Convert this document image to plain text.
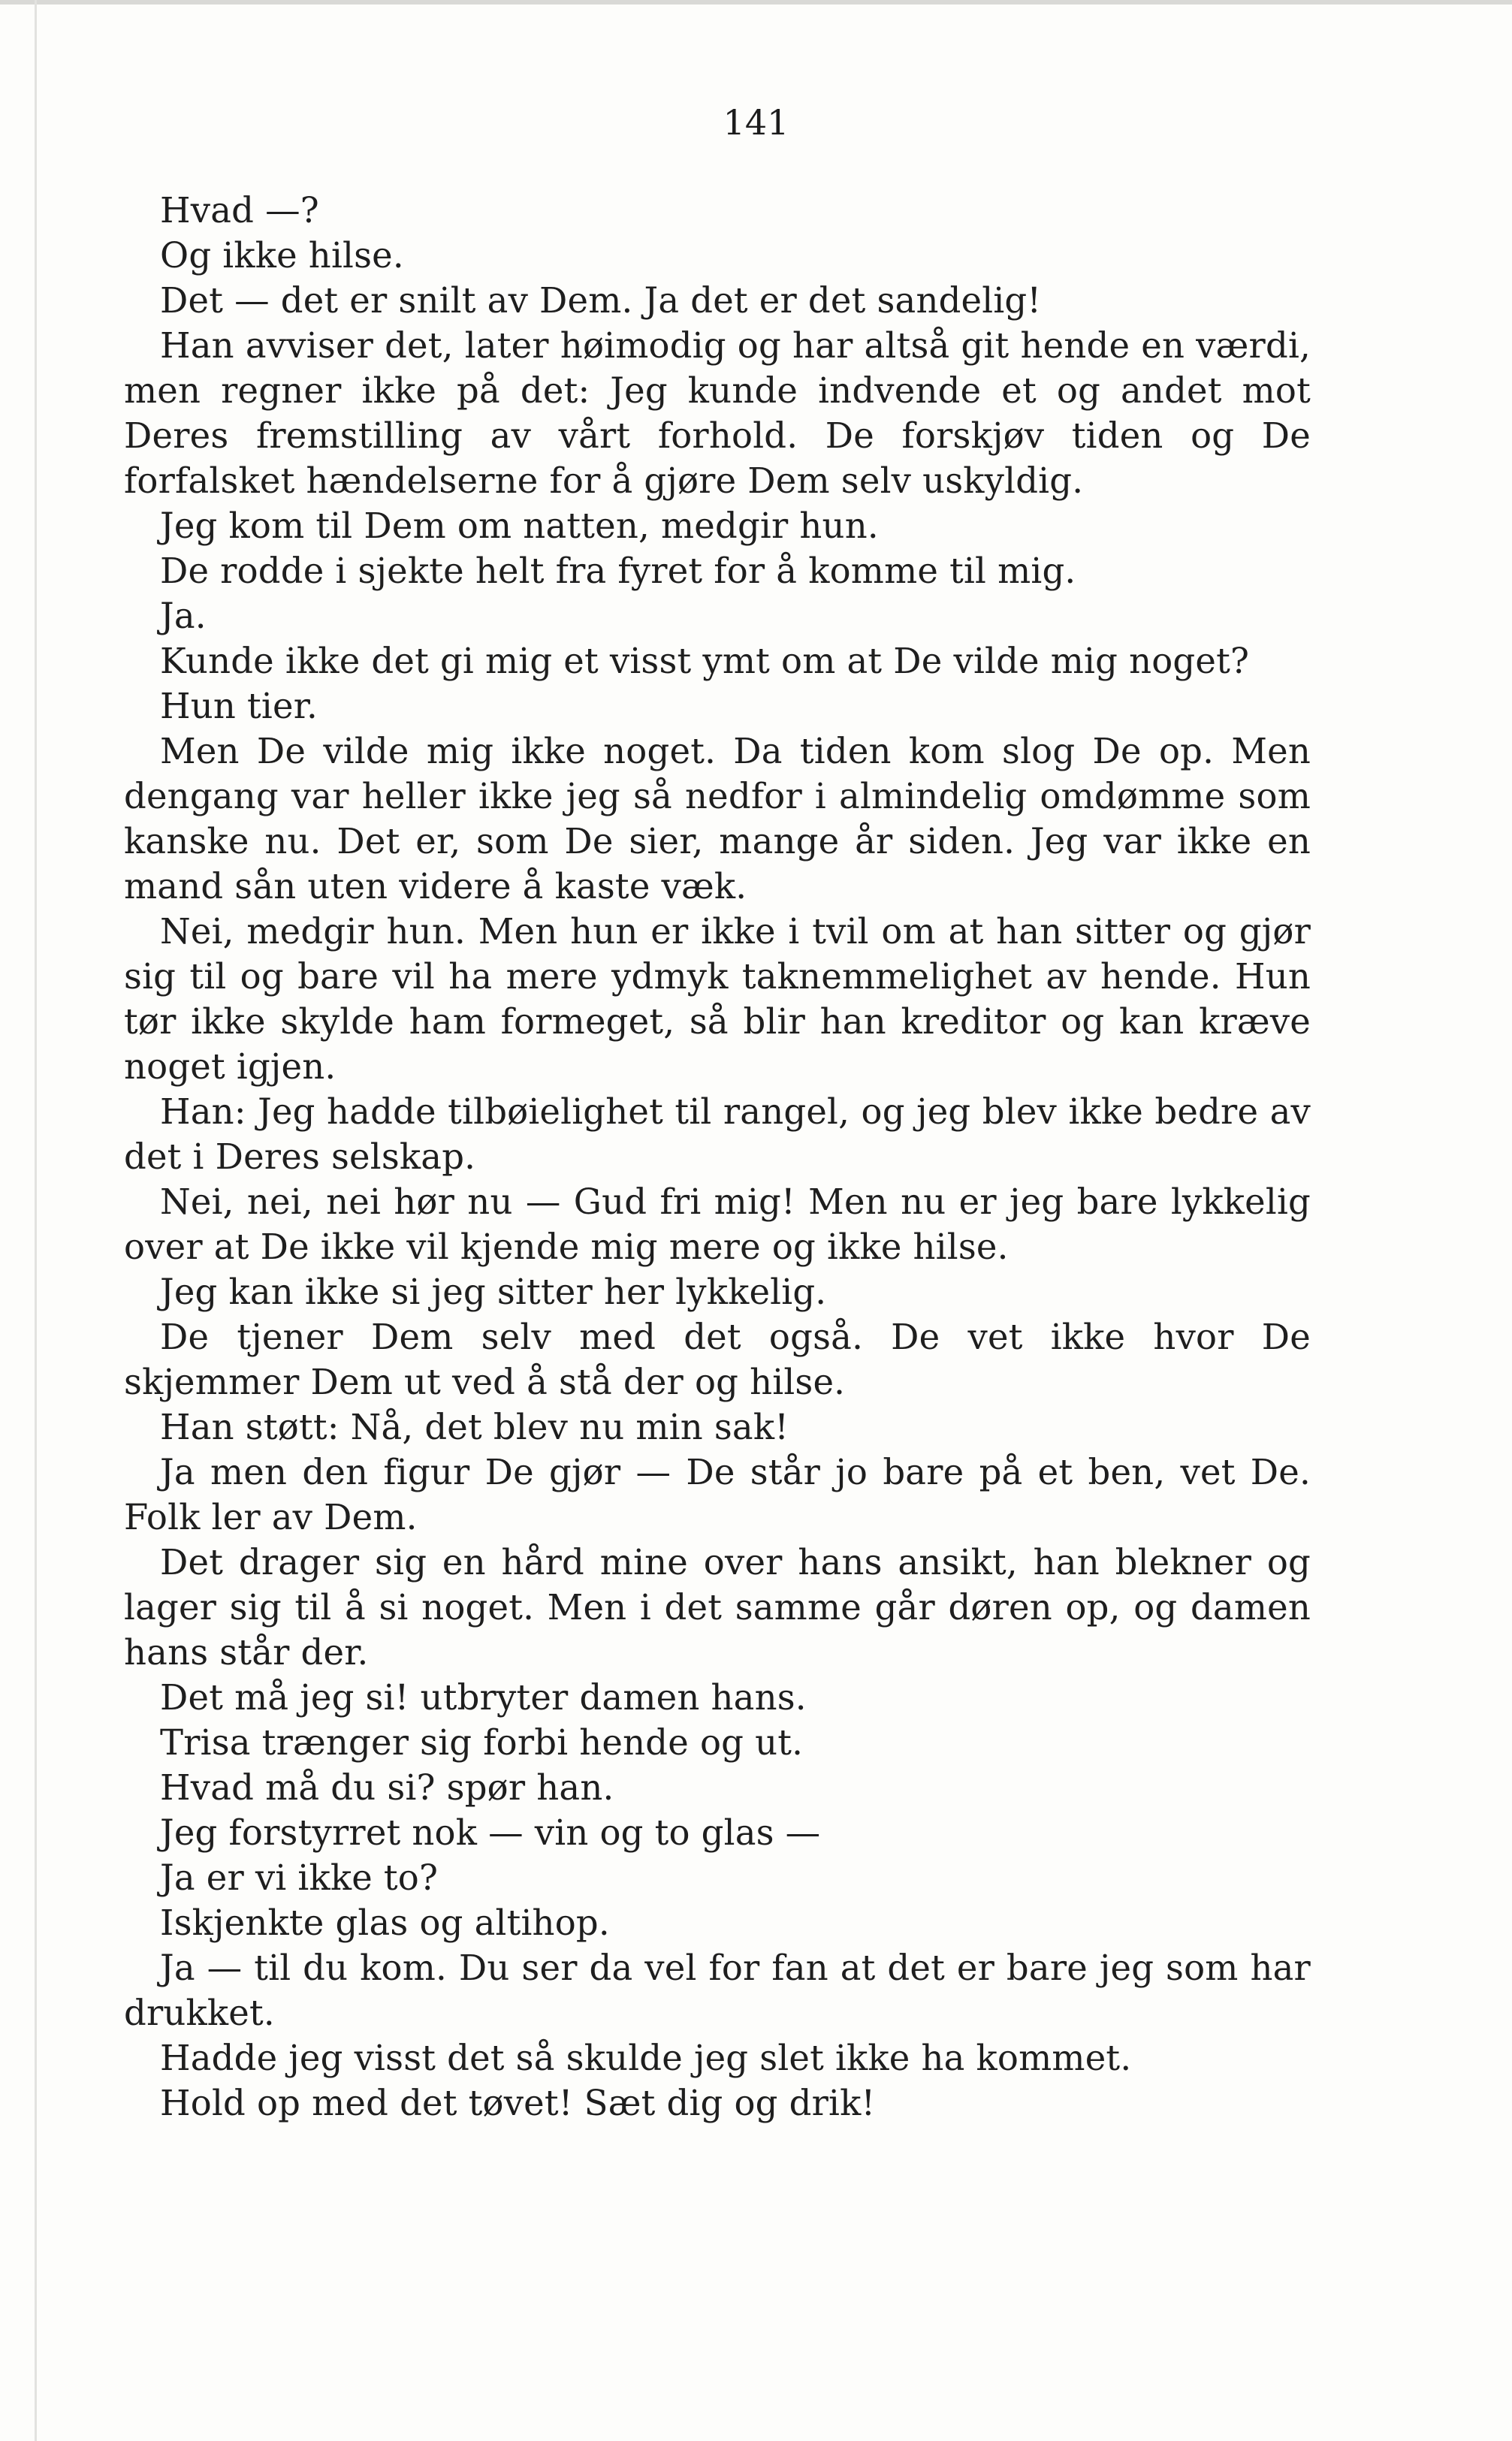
141

Hvad —?

Og ikke hilse.

Det — det er snilt av Dem. Ja det er det sandelig!

Han avviser det, later høimodig og har altså git hende en værdi, men regner ikke på det: Jeg kunde indvende et og andet mot Deres fremstilling av vårt forhold. De forskjøv tiden og De forfalsket hændelserne for å gjøre Dem selv uskyldig.

Jeg kom til Dem om natten, medgir hun.

De rodde i sjekte helt fra fyret for å komme til mig.

Ja.

Kunde ikke det gi mig et visst ymt om at De vilde mig noget?

Hun tier.

Men De vilde mig ikke noget. Da tiden kom slog De op. Men dengang var heller ikke jeg så nedfor i almindelig omdømme som kanske nu. Det er, som De sier, mange år siden. Jeg var ikke en mand sån uten videre å kaste væk.

Nei, medgir hun. Men hun er ikke i tvil om at han sitter og gjør sig til og bare vil ha mere ydmyk taknemmelighet av hende. Hun tør ikke skylde ham formeget, så blir han kreditor og kan kræve noget igjen.

Han: Jeg hadde tilbøielighet til rangel, og jeg blev ikke bedre av det i Deres selskap.

Nei, nei, nei hør nu — Gud fri mig! Men nu er jeg bare lykkelig over at De ikke vil kjende mig mere og ikke hilse.

Jeg kan ikke si jeg sitter her lykkelig.

De tjener Dem selv med det også. De vet ikke hvor De skjemmer Dem ut ved å stå der og hilse.

Han støtt: Nå, det blev nu min sak!

Ja men den figur De gjør — De står jo bare på et ben, vet De. Folk ler av Dem.

Det drager sig en hård mine over hans ansikt, han blekner og lager sig til å si noget. Men i det samme går døren op, og damen hans står der.

Det må jeg si! utbryter damen hans.

Trisa trænger sig forbi hende og ut.

Hvad må du si? spør han.

Jeg forstyrret nok — vin og to glas —

Ja er vi ikke to?

Iskjenkte glas og altihop.

Ja — til du kom. Du ser da vel for fan at det er bare jeg som har drukket.

Hadde jeg visst det så skulde jeg slet ikke ha kommet.

Hold op med det tøvet! Sæt dig og drik!
